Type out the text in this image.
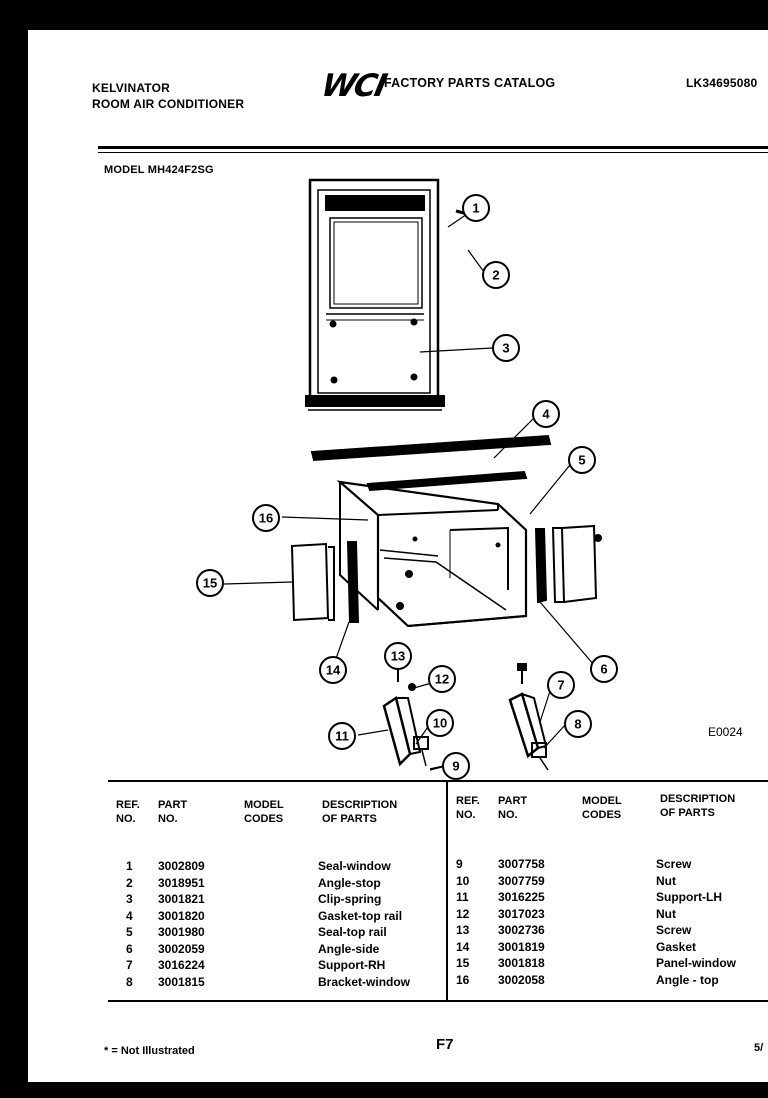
KELVINATOR
ROOM AIR CONDITIONER WCI
FACTORY PARTS CATALOG	LK34695080
MODEL MH424F2SG
1
2
3
4
5
6
7
8
9
10
11
12
13
14
15
16
E0024
REF.
NO.
PART
NO.
MODEL
CODES
DESCRIPTION
OF PARTS
REF.
NO.
PART
NO.
MODEL
CODES
DESCRIPTION
OF PARTS
1 3002809	Seal-window
2 3018951	Angle-stop
3 3001821	Clip-spring
4 3001820	Gasket-top rail
5 3001980	Seal-top rail
6 3002059	Angle-side
7 3016224	Support-RH
8 3001815	Bracket-window
9	3007758	Screw
10 3007759	Nut
11 3016225	Support-LH
12 3017023	Nut
13 3002736	Screw
14 3001819	Gasket
15 3001818	Panel-window
16 3002058	Angle - top
* = Not Illustrated	F7	5/
